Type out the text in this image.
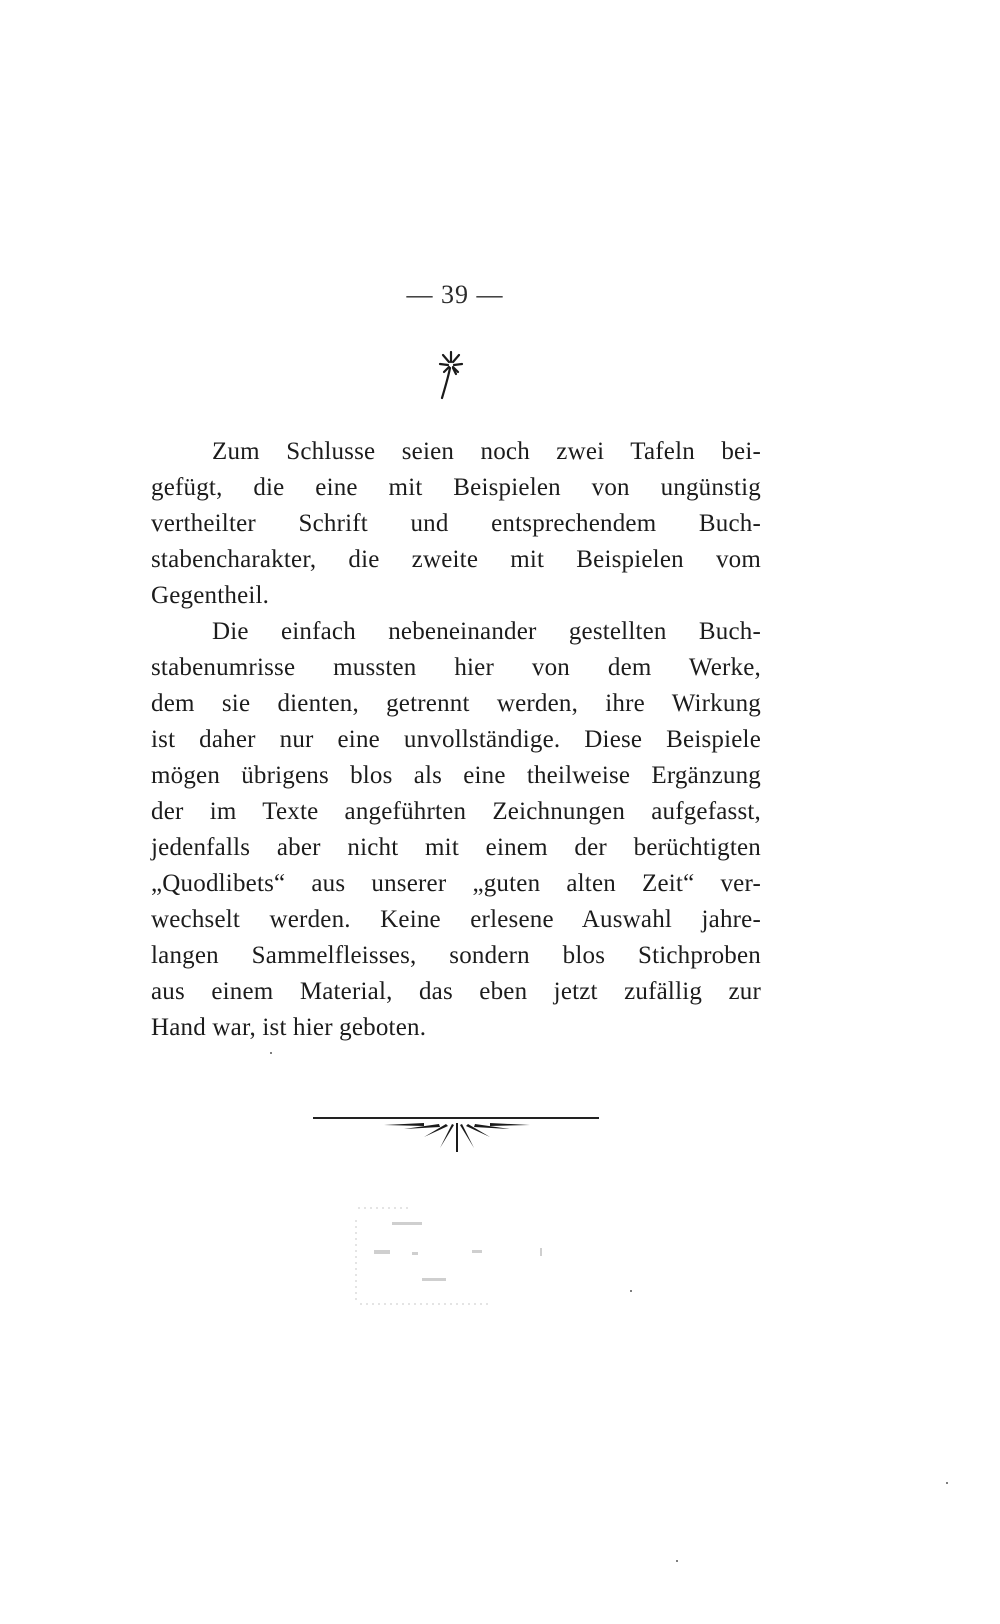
— 39 —
Zum Schlusse seien noch zwei Tafeln bei-
gefügt, die eine mit Beispielen von ungünstig
vertheilter Schrift und entsprechendem Buch-
stabencharakter, die zweite mit Beispielen vom
Gegentheil.
Die einfach nebeneinander gestellten Buch-
stabenumrisse mussten hier von dem Werke,
dem sie dienten, getrennt werden, ihre Wirkung
ist daher nur eine unvollständige. Diese Beispiele
mögen übrigens blos als eine theilweise Ergänzung
der im Texte angeführten Zeichnungen aufgefasst,
jedenfalls aber nicht mit einem der berüchtigten
„Quodlibets“ aus unserer „guten alten Zeit“ ver-
wechselt werden. Keine erlesene Auswahl jahre-
langen Sammelfleisses, sondern blos Stichproben
aus einem Material, das eben jetzt zufällig zur
Hand war, ist hier geboten.
